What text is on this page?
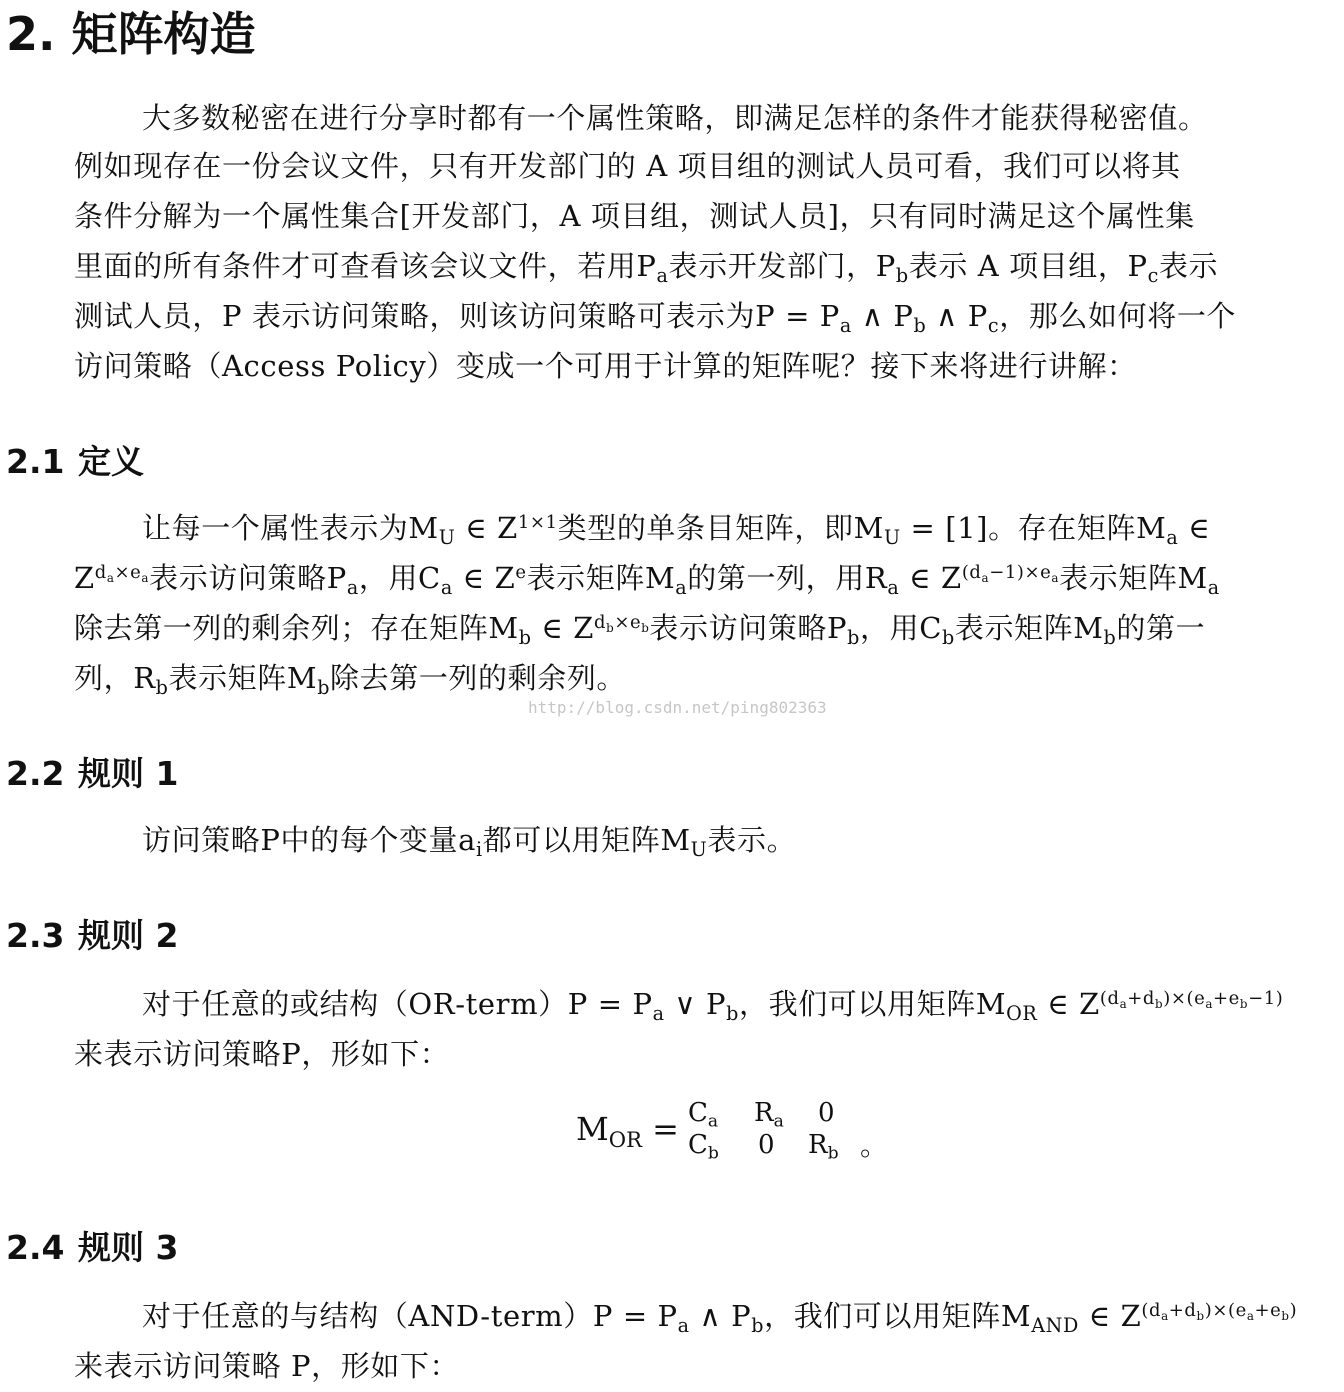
2. 矩阵构造
大多数秘密在进行分享时都有一个属性策略，即满足怎样的条件才能获得秘密值。
例如现存在一份会议文件，只有开发部门的 A 项目组的测试人员可看，我们可以将其
条件分解为一个属性集合[开发部门，A 项目组，测试人员]，只有同时满足这个属性集
里面的所有条件才可查看该会议文件，若用$P_a$表示开发部门，$P_b$表示 A 项目组，$P_c$表示
测试人员，P 表示访问策略，则该访问策略可表示为$P = P_a$ ∧ $P_b$ ∧ $P_c$，那么如何将一个
访问策略（Access Policy）变成一个可用于计算的矩阵呢？接下来将进行讲解：
2.1 定义
让每一个属性表示为$M_U$ ∈ $Z^{1\times 1}$类型的单条目矩阵，即$M_U = [1]$。存在矩阵$M_a$ ∈
$Z^{d_a\times e_a}$表示访问策略$P_a$，用$C_a$ ∈ $Z^e$表示矩阵$M_a$的第一列，用$R_a$ ∈ $Z^{(d_a-1)\times e_a}$表示矩阵$M_a$
除去第一列的剩余列；存在矩阵$M_b$ ∈ $Z^{d_b\times e_b}$表示访问策略$P_b$，用$C_b$表示矩阵$M_b$的第一
列，$R_b$表示矩阵$M_b$除去第一列的剩余列。
http://blog.csdn.net/ping802363
2.2 规则 1
访问策略P中的每个变量$a_i$都可以用矩阵$M_U$表示。
2.3 规则 2
对于任意的或结构（OR-term）P = $P_a$ ∨ $P_b$，我们可以用矩阵$M_{OR}$ ∈ $Z^{(d_a+d_b)\times(e_a+e_b-1)}$
来表示访问策略P，形如下：
$M_{OR} = C_a$ $R_a$ 0
$C_b$ 0 $R_b$ 。
2.4 规则 3
对于任意的与结构（AND-term）P = $P_a$ ∧ $P_b$，我们可以用矩阵$M_{AND}$ ∈ $Z^{(d_a+d_b)\times(e_a+e_b)}$
来表示访问策略 P，形如下：
